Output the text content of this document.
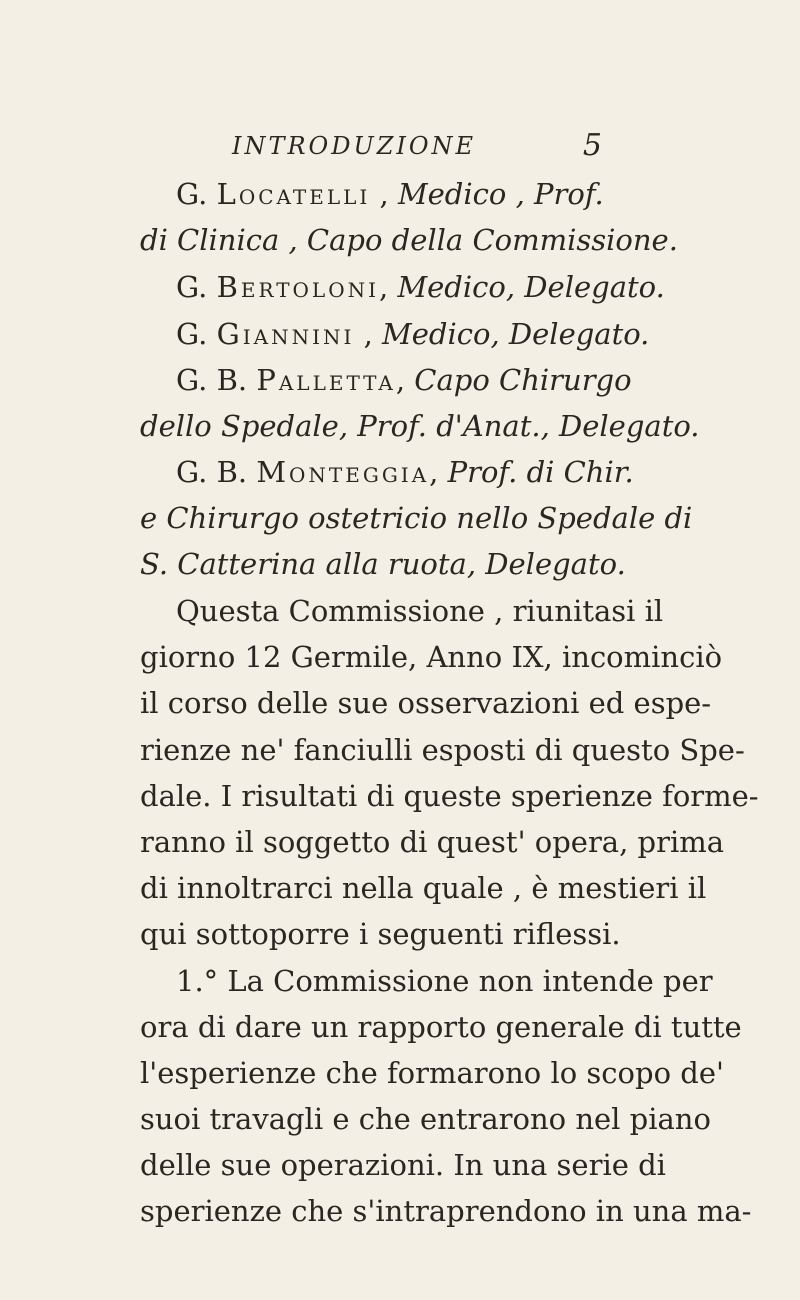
INTRODUZIONE	5
G. Locatelli , Medico , Prof.
di Clinica , Capo della Commissione.
G. Bertoloni, Medico, Delegato.
G. Giannini , Medico, Delegato.
G. B. Palletta, Capo Chirurgo
dello Spedale, Prof. d'Anat., Delegato.
G. B. Monteggia, Prof. di Chir.
e Chirurgo ostetricio nello Spedale di
S. Catterina alla ruota, Delegato.
Questa Commissione , riunitasi il
giorno 12 Germile, Anno IX, incominciò
il corso delle sue osservazioni ed espe-
rienze ne' fanciulli esposti di questo Spe-
dale. I risultati di queste sperienze forme-
ranno il soggetto di quest' opera, prima
di innoltrarci nella quale , è mestieri il
qui sottoporre i seguenti riflessi.
1.° La Commissione non intende per
ora di dare un rapporto generale di tutte
l'esperienze che formarono lo scopo de'
suoi travagli e che entrarono nel piano
delle sue operazioni. In una serie di
sperienze che s'intraprendono in una ma-
